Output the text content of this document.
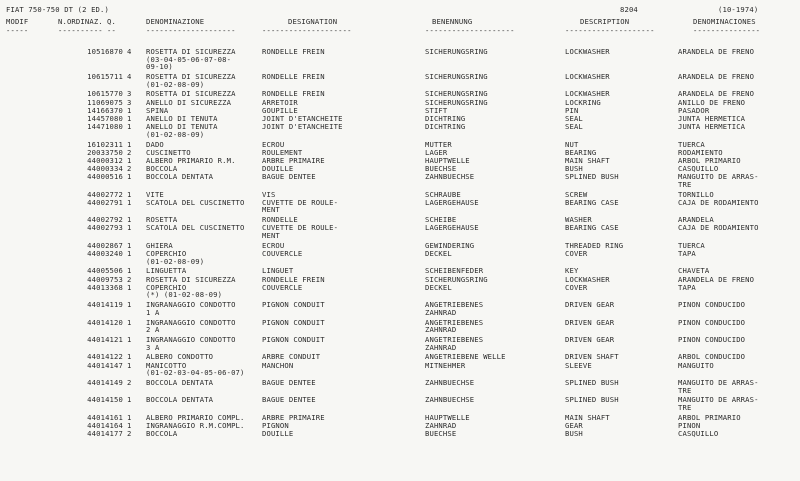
FIAT 750-750 DT (2 ED.)	8204	(10-1974)
MODIF	N.ORDINAZ. Q.	DENOMINAZIONE	DESIGNATION	BENENNUNG	DESCRIPTION	DENOMINACIONES
-----	---------- --	--------------------	--------------------	--------------------	--------------------	---------------
10516870 4 ROSETTA DI SICUREZZA
(03-04-05-06-07-08-
09-10)
RONDELLE FREIN	SICHERUNGSRING	LOCKWASHER	ARANDELA DE FRENO
10615711 4 ROSETTA DI SICUREZZA
(01-02-08-09)
RONDELLE FREIN	SICHERUNGSRING	LOCKWASHER	ARANDELA DE FRENO
10615770 3 ROSETTA DI SICUREZZA	RONDELLE FREIN	SICHERUNGSRING	LOCKWASHER	ARANDELA DE FRENO
11069075 3 ANELLO DI SICUREZZA	ARRETOIR	SICHERUNGSRING	LOCKRING	ANILLO DE FRENO
14166370 1 SPINA	GOUPILLE	STIFT	PIN	PASADOR
14457080 1 ANELLO DI TENUTA	JOINT D'ETANCHEITE	DICHTRING	SEAL	JUNTA HERMETICA
14471080 1 ANELLO DI TENUTA
(01-02-08-09)
JOINT D'ETANCHEITE	DICHTRING	SEAL	JUNTA HERMETICA
16102311 1 DADO	ECROU	MUTTER	NUT	TUERCA
20033750 2 CUSCINETTO	ROULEMENT	LAGER	BEARING	RODAMIENTO
44000312 1 ALBERO PRIMARIO R.M.	ARBRE PRIMAIRE	HAUPTWELLE	MAIN SHAFT	ARBOL PRIMARIO
44000334 2 BOCCOLA	DOUILLE	BUECHSE	BUSH	CASQUILLO
44000516 1 BOCCOLA DENTATA	BAGUE DENTEE	ZAHNBUECHSE	SPLINED BUSH	MANGUITO DE ARRAS-
TRE
44002772 1 VITE	VIS	SCHRAUBE	SCREW	TORNILLO
44002791 1 SCATOLA DEL CUSCINETTO	CUVETTE DE ROULE-
MENT
LAGERGEHAUSE	BEARING CASE	CAJA DE RODAMIENTO
44002792 1 ROSETTA	RONDELLE	SCHEIBE	WASHER	ARANDELA
44002793 1 SCATOLA DEL CUSCINETTO	CUVETTE DE ROULE-
MENT
LAGERGEHAUSE	BEARING CASE	CAJA DE RODAMIENTO
44002867 1 GHIERA	ECROU	GEWINDERING	THREADED RING	TUERCA
44003240 1 COPERCHIO
(01-02-08-09)
COUVERCLE	DECKEL	COVER	TAPA
44005506 1 LINGUETTA	LINGUET	SCHEIBENFEDER	KEY	CHAVETA
44009753 2 ROSETTA DI SICUREZZA	RONDELLE FREIN	SICHERUNGSRING	LOCKWASHER	ARANDELA DE FRENO
44013368 1 COPERCHIO
(*) (01-02-08-09)
COUVERCLE	DECKEL	COVER	TAPA
44014119 1 INGRANAGGIO CONDOTTO
1 A
PIGNON CONDUIT	ANGETRIEBENES
ZAHNRAD
DRIVEN GEAR	PINON CONDUCIDO
44014120 1 INGRANAGGIO CONDOTTO
2 A
PIGNON CONDUIT	ANGETRIEBENES
ZAHNRAD
DRIVEN GEAR	PINON CONDUCIDO
44014121 1 INGRANAGGIO CONDOTTO
3 A
PIGNON CONDUIT	ANGETRIEBENES
ZAHNRAD
DRIVEN GEAR	PINON CONDUCIDO
44014122 1 ALBERO CONDOTTO	ARBRE CONDUIT	ANGETRIEBENE WELLE	DRIVEN SHAFT	ARBOL CONDUCIDO
44014147 1 MANICOTTO
(01-02-03-04-05-06-07)
MANCHON	MITNEHMER	SLEEVE	MANGUITO
44014149 2 BOCCOLA DENTATA	BAGUE DENTEE	ZAHNBUECHSE	SPLINED BUSH	MANGUITO DE ARRAS-
TRE
44014150 1 BOCCOLA DENTATA	BAGUE DENTEE	ZAHNBUECHSE	SPLINED BUSH	MANGUITO DE ARRAS-
TRE
44014161 1 ALBERO PRIMARIO COMPL.	ARBRE PRIMAIRE	HAUPTWELLE	MAIN SHAFT	ARBOL PRIMARIO
44014164 1 INGRANAGGIO R.M.COMPL.	PIGNON	ZAHNRAD	GEAR	PINON
44014177 2 BOCCOLA	DOUILLE	BUECHSE	BUSH	CASQUILLO
